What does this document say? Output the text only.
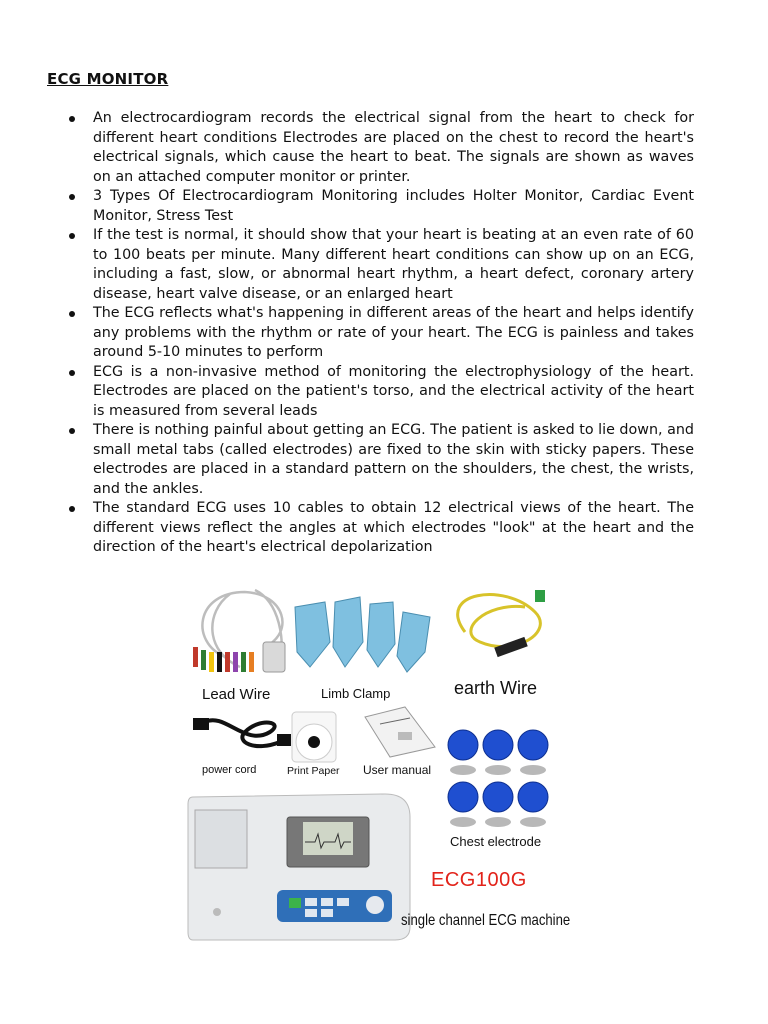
ECG MONITOR
An electrocardiogram records the electrical signal from the heart to check for different heart conditions Electrodes are placed on the chest to record the heart's electrical signals, which cause the heart to beat. The signals are shown as waves on an attached computer monitor or printer.
3 Types Of Electrocardiogram Monitoring includes Holter Monitor, Cardiac Event Monitor, Stress Test
If the test is normal, it should show that your heart is beating at an even rate of 60 to 100 beats per minute. Many different heart conditions can show up on an ECG, including a fast, slow, or abnormal heart rhythm, a heart defect, coronary artery disease, heart valve disease, or an enlarged heart
The ECG reflects what's happening in different areas of the heart and helps identify any problems with the rhythm or rate of your heart. The ECG is painless and takes around 5-10 minutes to perform
ECG is a non-invasive method of monitoring the electrophysiology of the heart. Electrodes are placed on the patient's torso, and the electrical activity of the heart is measured from several leads
There is nothing painful about getting an ECG. The patient is asked to lie down, and small metal tabs (called electrodes) are fixed to the skin with sticky papers. These electrodes are placed in a standard pattern on the shoulders, the chest, the wrists, and the ankles.
The standard ECG uses 10 cables to obtain 12 electrical views of the heart. The different views reflect the angles at which electrodes "look" at the heart and the direction of the heart's electrical depolarization
Lead Wire	Limb Clamp	earth Wire
power cord	Print Paper User manual
Chest electrode
ECG100G
single channel ECG machine
